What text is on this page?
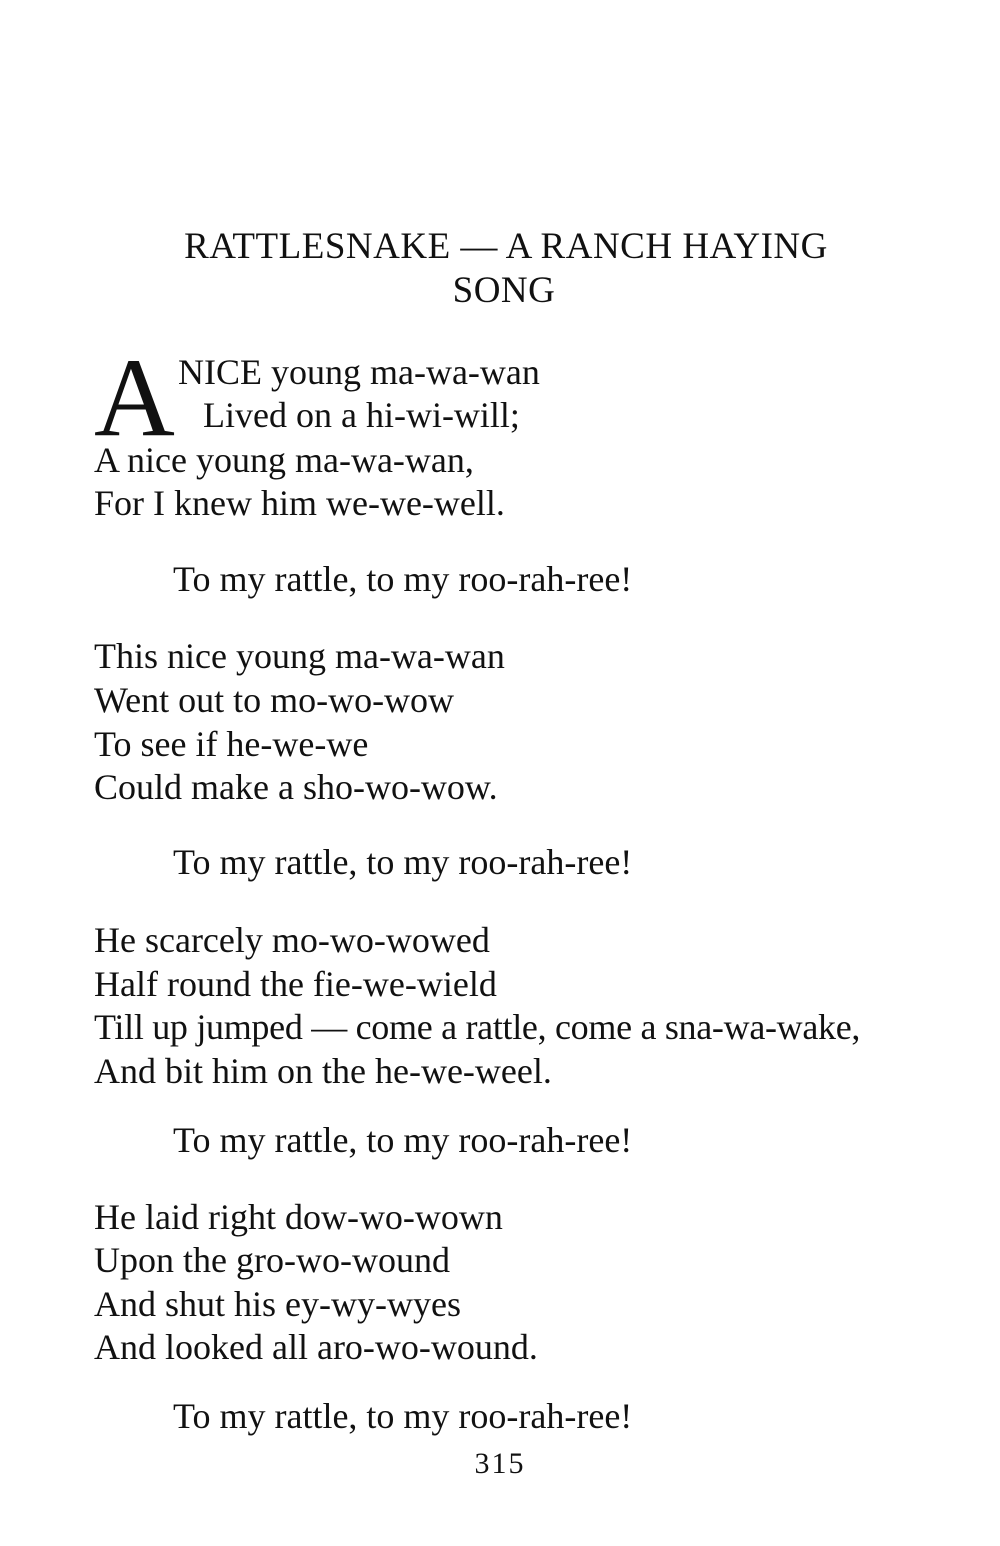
RATTLESNAKE — A RANCH HAYING
SONG
A NICE young ma-wa-wan
Lived on a hi-wi-will;
A nice young ma-wa-wan,
For I knew him we-we-well.
To my rattle, to my roo-rah-ree!
This nice young ma-wa-wan
Went out to mo-wo-wow
To see if he-we-we
Could make a sho-wo-wow.
To my rattle, to my roo-rah-ree!
He scarcely mo-wo-wowed
Half round the fie-we-wield
Till up jumped — come a rattle, come a sna-wa-wake,
And bit him on the he-we-weel.
To my rattle, to my roo-rah-ree!
He laid right dow-wo-wown
Upon the gro-wo-wound
And shut his ey-wy-wyes
And looked all aro-wo-wound.
To my rattle, to my roo-rah-ree!
315
